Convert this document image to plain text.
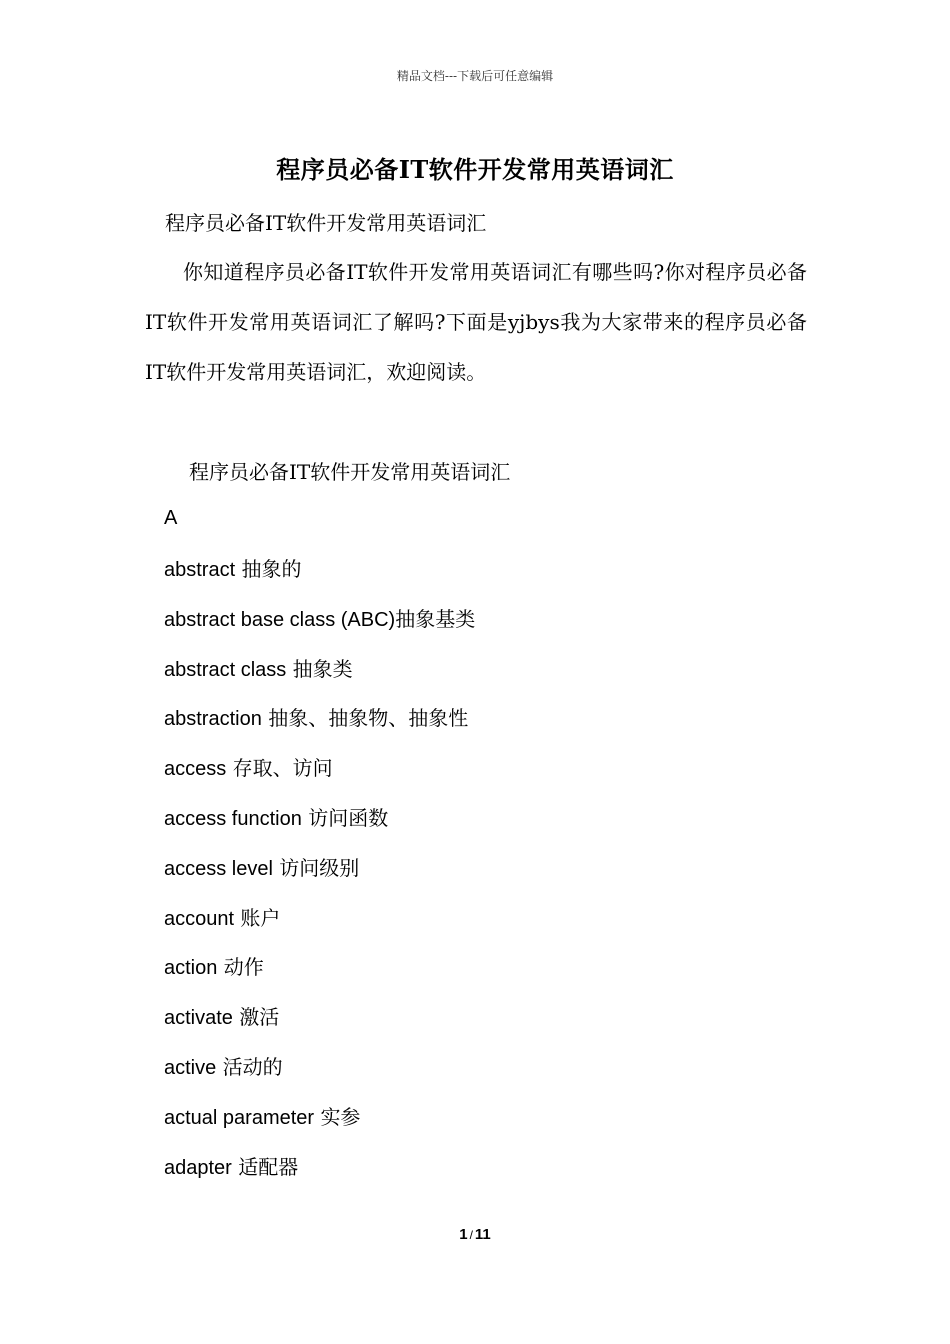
精品文档---下载后可任意编辑
程序员必备IT软件开发常用英语词汇
程序员必备IT软件开发常用英语词汇
你知道程序员必备IT软件开发常用英语词汇有哪些吗?你对程序员必备IT软件开发常用英语词汇了解吗?下面是yjbys我为大家带来的程序员必备IT软件开发常用英语词汇，欢迎阅读。
程序员必备IT软件开发常用英语词汇
A
abstract 抽象的
abstract base class (ABC)抽象基类
abstract class 抽象类
abstraction 抽象、抽象物、抽象性
access 存取、访问
access function 访问函数
access level 访问级别
account 账户
action 动作
activate 激活
active 活动的
actual parameter 实参
adapter 适配器
1 / 11
